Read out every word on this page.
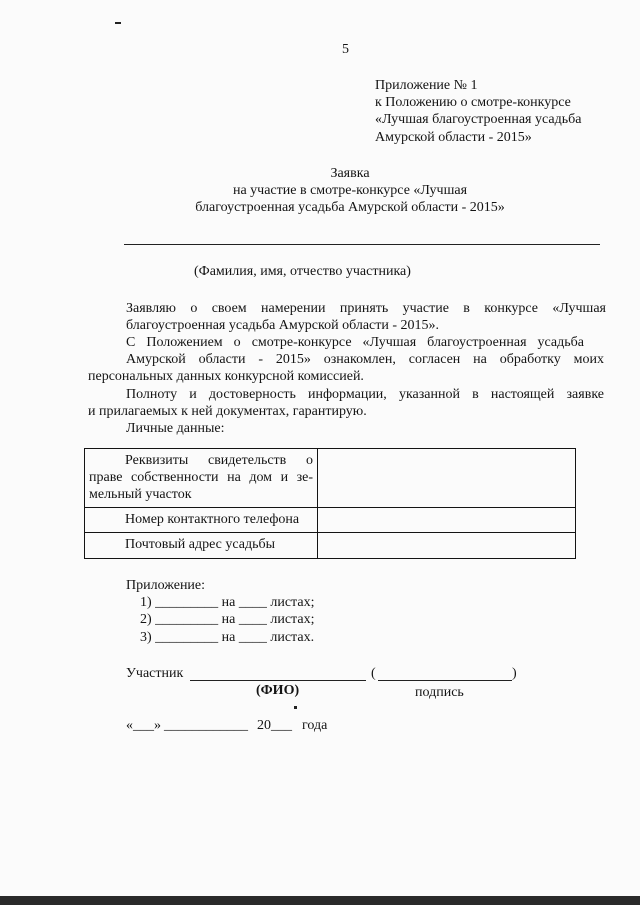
5
Приложение № 1
к Положению о смотре-конкурсе
«Лучшая благоустроенная усадьба
Амурской области - 2015»
Заявка
на участие в смотре-конкурсе «Лучшая
благоустроенная усадьба Амурской области - 2015»
(Фамилия, имя, отчество участника)
Заявляю о своем намерении принять участие в конкурсе «Лучшая
благоустроенная усадьба Амурской области - 2015».
С Положением о смотре-конкурсе «Лучшая благоустроенная усадьба
Амурской области - 2015» ознакомлен, согласен на обработку моих
персональных данных конкурсной комиссией.
Полноту и достоверность информации, указанной в настоящей заявке
и прилагаемых к ней документах, гарантирую.
Личные данные:
Реквизиты свидетельств о
праве собственности на дом и зе-
мельный участок	

Номер контактного телефона	

Почтовый адрес усадьбы	

Приложение:
1) _________ на ____ листах;
2) _________ на ____ листах;
3) _________ на ____ листах.
Участник	(	)
(ФИО)	подпись
«___» ____________ 20___ года
